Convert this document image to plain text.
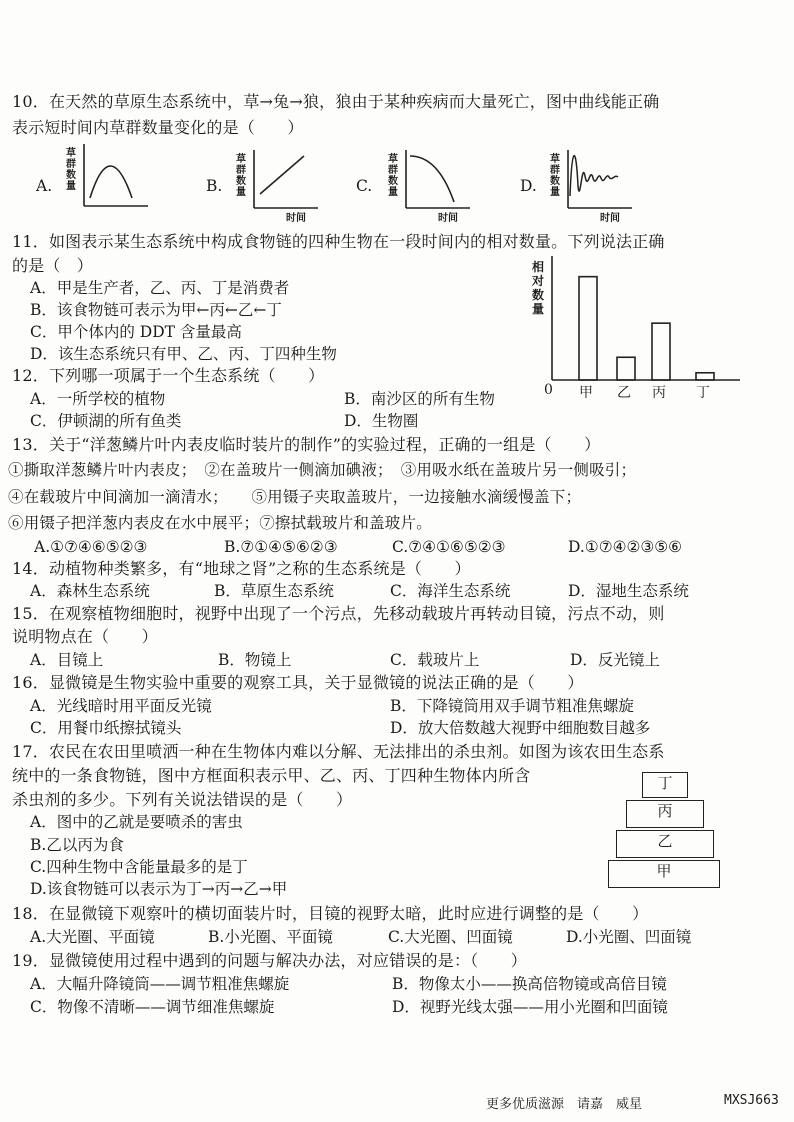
10．在天然的草原生态系统中，草→兔→狼，狼由于某种疾病而大量死亡，图中曲线能正确
表示短时间内草群数量变化的是（　　）
A.
草群数量	B.
草群数量
时间
C.
草群数量
时间
D.
草群数量
时间
11．如图表示某生态系统中构成食物链的四种生物在一段时间内的相对数量。下列说法正确
的是（　）
A．甲是生产者，乙、丙、丁是消费者
B．该食物链可表示为甲←丙←乙←丁
C．甲个体内的 DDT 含量最高
D．该生态系统只有甲、乙、丙、丁四种生物
相对数量
0 甲 乙 丙 丁
12．下列哪一项属于一个生态系统（　　）
A．一所学校的植物	B．南沙区的所有生物
C．伊顿湖的所有鱼类	D．生物圈
13．关于“洋葱鳞片叶内表皮临时装片的制作”的实验过程，正确的一组是（　　）
①撕取洋葱鳞片叶内表皮；　②在盖玻片一侧滴加碘液；　③用吸水纸在盖玻片另一侧吸引；
④在载玻片中间滴加一滴清水；　　⑤用镊子夹取盖玻片，一边接触水滴缓慢盖下；
⑥用镊子把洋葱内表皮在水中展平；⑦擦拭载玻片和盖玻片。
A.①⑦④⑥⑤②③	B.⑦①④⑤⑥②③	C.⑦④①⑥⑤②③	D.①⑦④②③⑤⑥
14．动植物种类繁多，有“地球之肾”之称的生态系统是（　　）
A．森林生态系统	B．草原生态系统	C．海洋生态系统	D．湿地生态系统
15．在观察植物细胞时，视野中出现了一个污点，先移动载玻片再转动目镜，污点不动，则
说明物点在（　　）
A．目镜上	B．物镜上	C．载玻片上	D．反光镜上
16．显微镜是生物实验中重要的观察工具，关于显微镜的说法正确的是（　　）
A．光线暗时用平面反光镜	B．下降镜筒用双手调节粗准焦螺旋
C．用餐巾纸擦拭镜头	D．放大倍数越大视野中细胞数目越多
17．农民在农田里喷洒一种在生物体内难以分解、无法排出的杀虫剂。如图为该农田生态系
统中的一条食物链，图中方框面积表示甲、乙、丙、丁四种生物体内所含
杀虫剂的多少。下列有关说法错误的是（　　）
A．图中的乙就是要喷杀的害虫
B.乙以丙为食
C.四种生物中含能量最多的是丁
D.该食物链可以表示为丁→丙→乙→甲
丁
丙
乙
甲
18．在显微镜下观察叶的横切面装片时，目镜的视野太暗，此时应进行调整的是（　　）
A.大光圈、平面镜	B.小光圈、平面镜	C.大光圈、凹面镜	D.小光圈、凹面镜
19．显微镜使用过程中遇到的问题与解决办法，对应错误的是：（　　）
A．大幅升降镜筒——调节粗准焦螺旋	B．物像太小——换高倍物镜或高倍目镜
C．物像不清晰——调节细准焦螺旋	D．视野光线太强——用小光圈和凹面镜
更多优质滋源　请嘉　威星	MXSJ663
